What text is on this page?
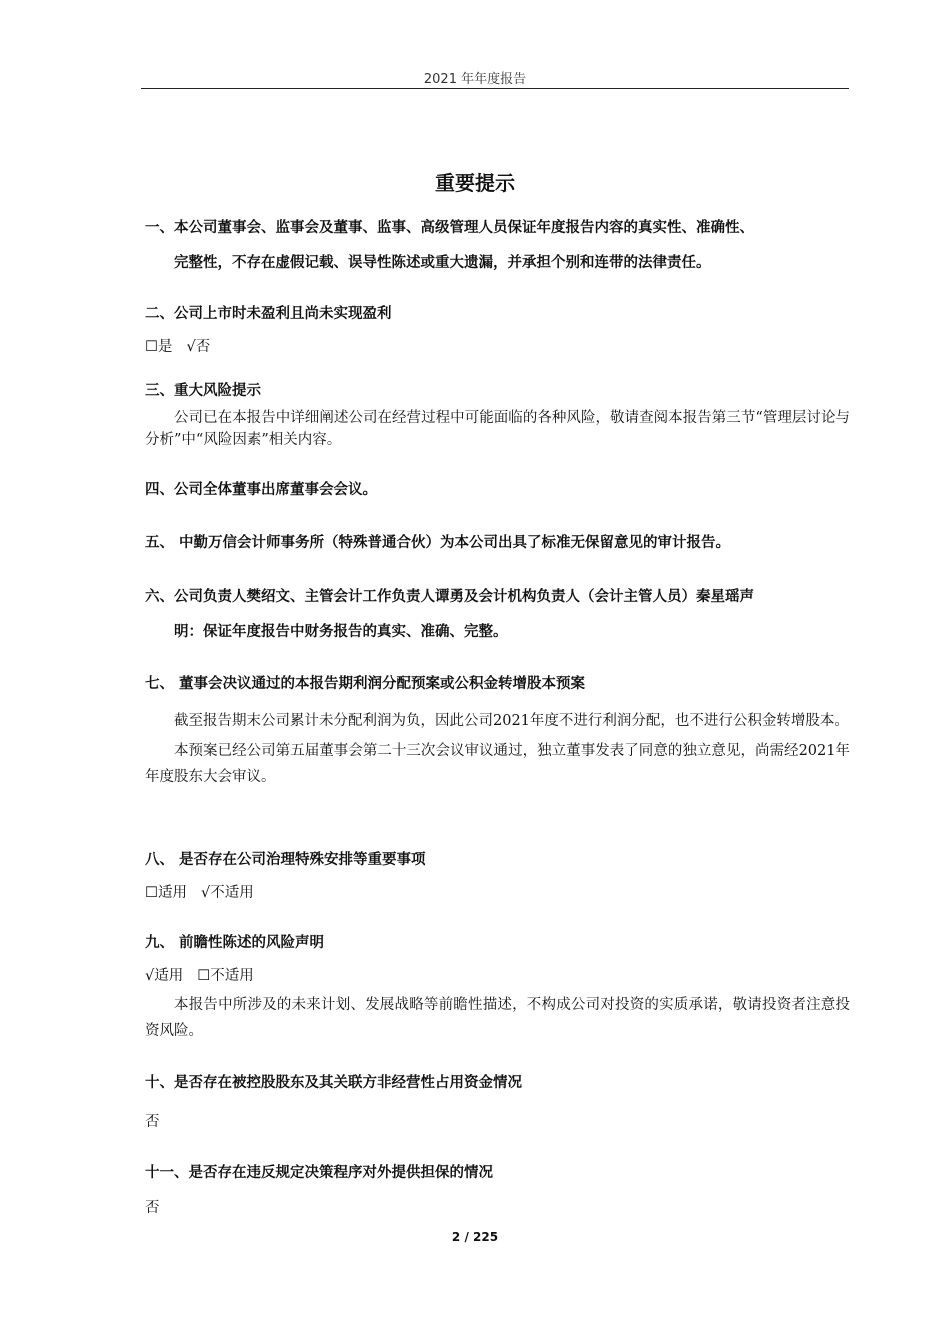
2021 年年度报告
重要提示
一、本公司董事会、监事会及董事、监事、高级管理人员保证年度报告内容的真实性、准确性、
完整性，不存在虚假记载、误导性陈述或重大遗漏，并承担个别和连带的法律责任。
二、公司上市时未盈利且尚未实现盈利
☐是 √否
三、重大风险提示
公司已在本报告中详细阐述公司在经营过程中可能面临的各种风险，敬请查阅本报告第三节“管理层讨论与分析”中“风险因素”相关内容。
四、公司全体董事出席董事会会议。
五、 中勤万信会计师事务所（特殊普通合伙）为本公司出具了标准无保留意见的审计报告。
六、公司负责人樊绍文、主管会计工作负责人谭勇及会计机构负责人（会计主管人员）秦星瑶声
明：保证年度报告中财务报告的真实、准确、完整。
七、 董事会决议通过的本报告期利润分配预案或公积金转增股本预案
截至报告期末公司累计未分配利润为负，因此公司2021年度不进行利润分配，也不进行公积金转增股本。
本预案已经公司第五届董事会第二十三次会议审议通过，独立董事发表了同意的独立意见，尚需经2021年年度股东大会审议。
八、 是否存在公司治理特殊安排等重要事项
☐适用 √不适用
九、 前瞻性陈述的风险声明
√适用 ☐不适用
本报告中所涉及的未来计划、发展战略等前瞻性描述，不构成公司对投资的实质承诺，敬请投资者注意投资风险。
十、是否存在被控股股东及其关联方非经营性占用资金情况
否
十一、是否存在违反规定决策程序对外提供担保的情况
否
2 / 225
